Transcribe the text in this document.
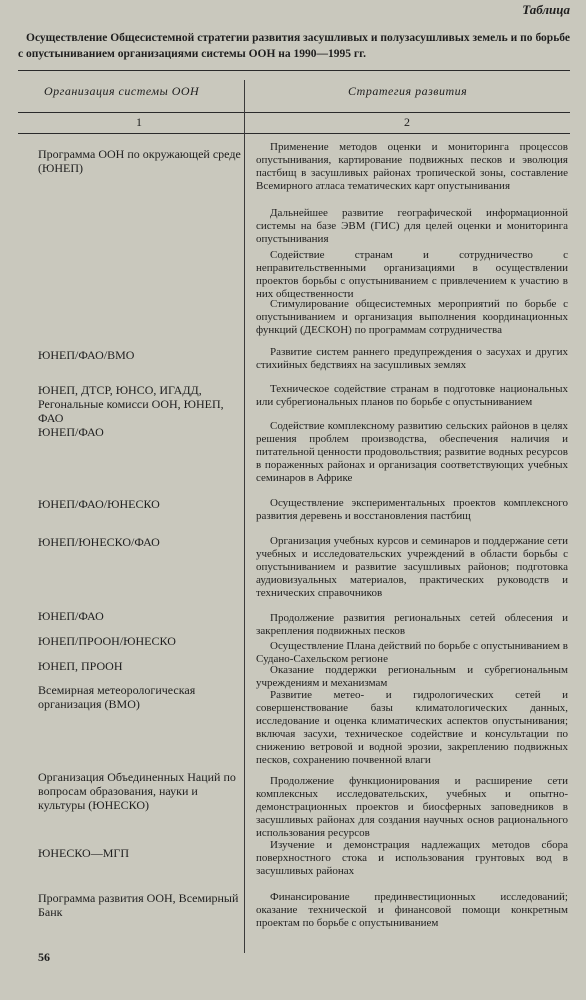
Таблица
Осуществление Общесистемной стратегии развития засушливых и полузасушливых земель и по борьбе с опустыниванием организациями системы ООН на 1990—1995 гг.
Организация системы ООН	Стратегия развития
1	2
Программа ООН по окружающей среде (ЮНЕП)
ЮНЕП/ФАО/ВМО
ЮНЕП, ДТСР, ЮНСО, ИГАДД, Регональные комисси ООН, ЮНЕП, ФАО
ЮНЕП/ФАО
ЮНЕП/ФАО/ЮНЕСКО
ЮНЕП/ЮНЕСКО/ФАО
ЮНЕП/ФАО
ЮНЕП/ПРООН/ЮНЕСКО
ЮНЕП, ПРООН
Всемирная метеорологическая организация (ВМО)
Организация Объединенных Наций по вопросам образования, науки и культуры (ЮНЕСКО)
ЮНЕСКО—МГП
Программа развития ООН, Всемирный Банк
Применение методов оценки и мониторинга процессов опустынивания, картирование подвижных песков и эволюция пастбищ в засушливых районах тропической зоны, составление Всемирного атласа тематических карт опустынивания
Дальнейшее развитие географической информационной системы на базе ЭВМ (ГИС) для целей оценки и мониторинга опустынивания
Содействие странам и сотрудничество с неправительственными организациями в осуществлении проектов борьбы с опустыниванием с привлечением к участию в них общественности
Стимулирование общесистемных мероприятий по борьбе с опустыниванием и организация выполнения координационных функций (ДЕСКОН) по программам сотрудничества
Развитие систем раннего предупреждения о засухах и других стихийных бедствиях на засушливых землях
Техническое содействие странам в подготовке национальных или субрегиональных планов по борьбе с опустыниванием
Содействие комплексному развитию сельских районов в целях решения проблем производства, обеспечения наличия и питательной ценности продовольствия; развитие водных ресурсов в пораженных районах и организация соответствующих учебных семинаров в Африке
Осуществление экспериментальных проектов комплексного развития деревень и восстановления пастбищ
Организация учебных курсов и семинаров и поддержание сети учебных и исследовательских учреждений в области борьбы с опустыниванием и развитие засушливых районов; подготовка аудиовизуальных материалов, практических руководств и технических справочников
Продолжение развития региональных сетей облесения и закрепления подвижных песков
Осуществление Плана действий по борьбе с опустыниванием в Судано-Сахельском регионе
Оказание поддержки региональным и субрегиональным учреждениям и механизмам
Развитие метео- и гидрологических сетей и совершенствование базы климатологических данных, исследование и оценка климатических аспектов опустынивания; включая засухи, техническое содействие и консультации по снижению ветровой и водной эрозии, закреплению подвижных песков, сохранению почвенной влаги
Продолжение функционирования и расширение сети комплексных исследовательских, учебных и опытно-демонстрационных проектов и биосферных заповедников в засушливых районах для создания научных основ рационального использования ресурсов
Изучение и демонстрация надлежащих методов сбора поверхностного стока и использования грунтовых вод в засушливых районах
Финансирование прединвестиционных исследований; оказание технической и финансовой помощи конкретным проектам по борьбе с опустыниванием
56
